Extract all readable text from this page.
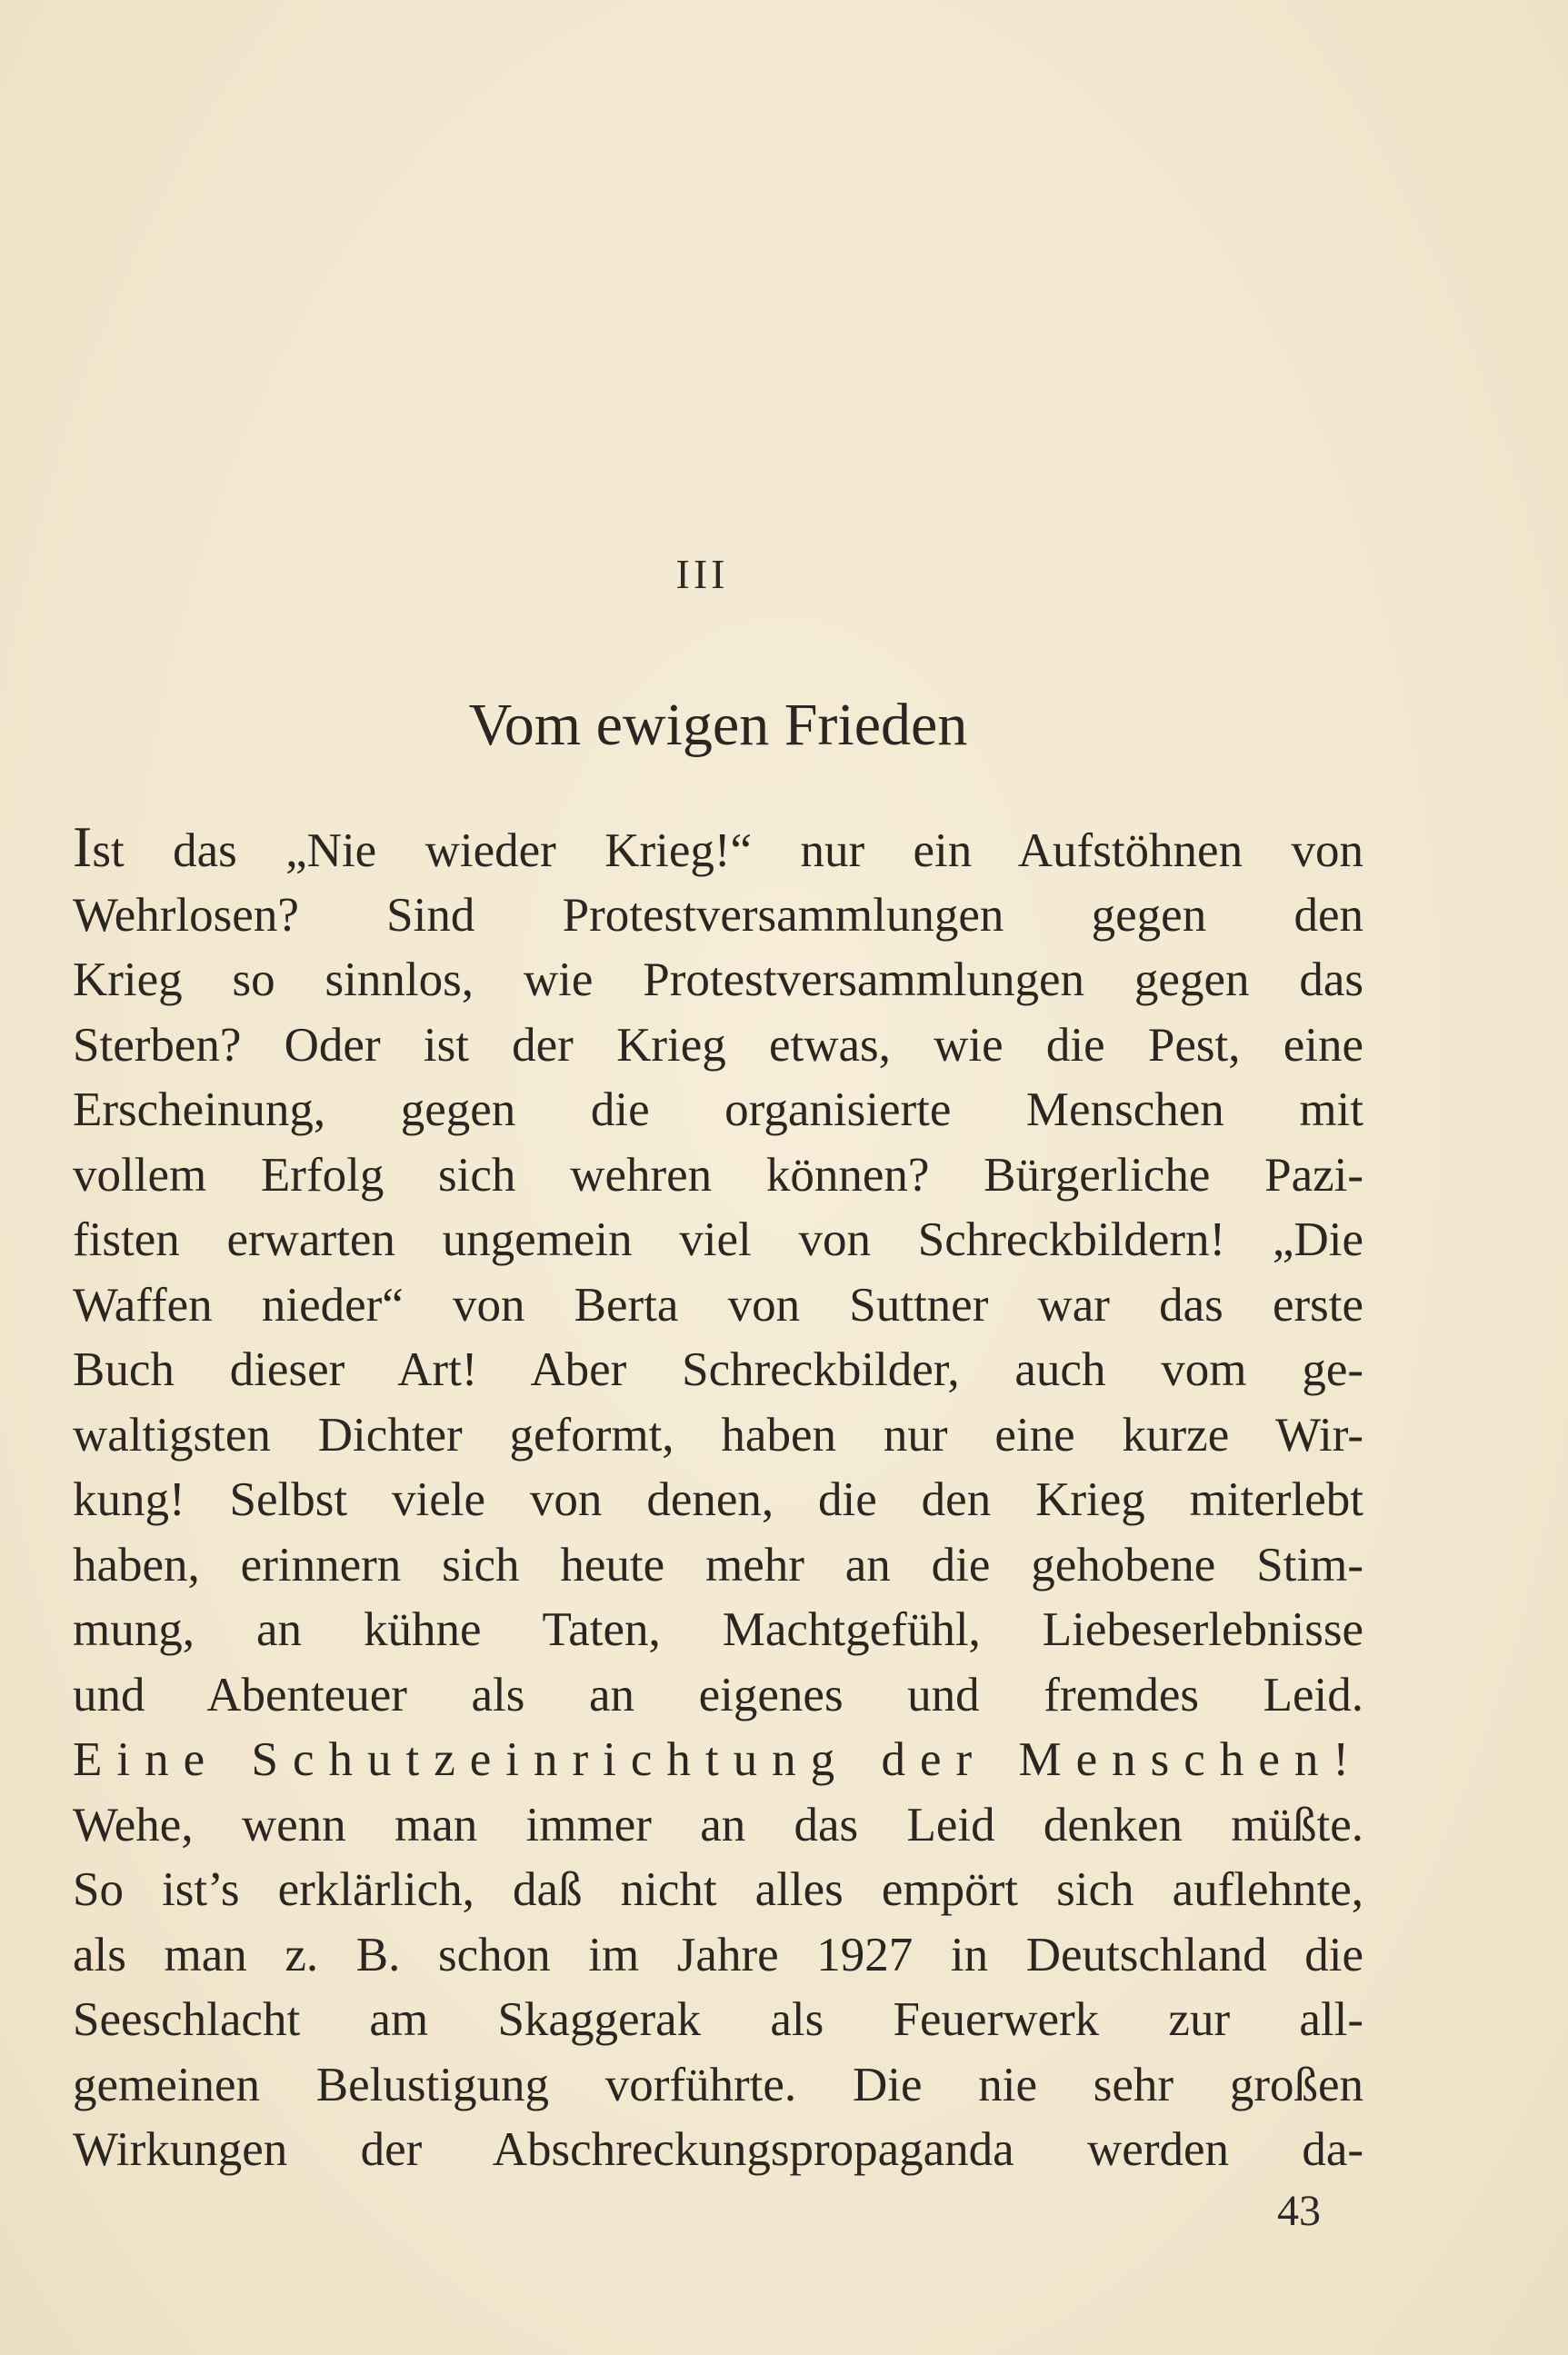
III
Vom ewigen Frieden
Ist das „Nie wieder Krieg!“ nur ein Aufstöhnen von
Wehrlosen? Sind Protestversammlungen gegen den
Krieg so sinnlos, wie Protestversammlungen gegen das
Sterben? Oder ist der Krieg etwas, wie die Pest, eine
Erscheinung, gegen die organisierte Menschen mit
vollem Erfolg sich wehren können? Bürgerliche Pazi-
fisten erwarten ungemein viel von Schreckbildern! „Die
Waffen nieder“ von Berta von Suttner war das erste
Buch dieser Art! Aber Schreckbilder, auch vom ge-
waltigsten Dichter geformt, haben nur eine kurze Wir-
kung! Selbst viele von denen, die den Krieg miterlebt
haben, erinnern sich heute mehr an die gehobene Stim-
mung, an kühne Taten, Machtgefühl, Liebeserlebnisse
und Abenteuer als an eigenes und fremdes Leid.
Eine Schutzeinrichtung der Menschen!
Wehe, wenn man immer an das Leid denken müßte.
So ist’s erklärlich, daß nicht alles empört sich auflehnte,
als man z. B. schon im Jahre 1927 in Deutschland die
Seeschlacht am Skaggerak als Feuerwerk zur all-
gemeinen Belustigung vorführte. Die nie sehr großen
Wirkungen der Abschreckungspropaganda werden da-
43
